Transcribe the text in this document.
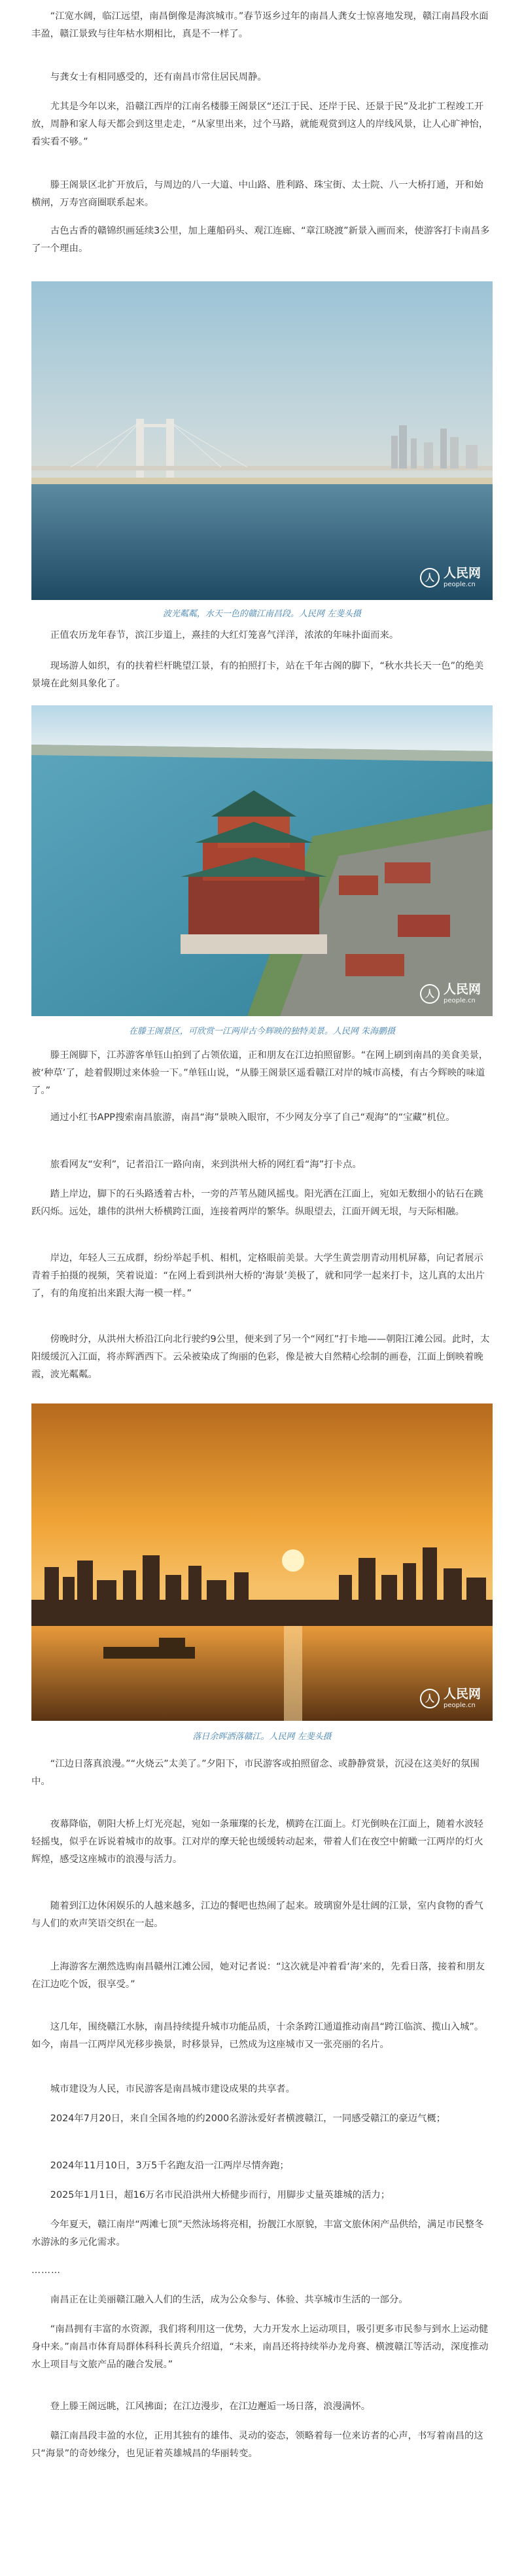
“江宽水阔，临江远望，南昌倒像是海滨城市。”春节返乡过年的南昌人龚女士惊喜地发现，赣江南昌段水面丰盈，赣江景致与往年枯水期相比，真是不一样了。

与龚女士有相同感受的，还有南昌市常住居民周静。

尤其是今年以来，沿赣江西岸的江南名楼滕王阁景区“还江于民、还岸于民、还景于民”及北扩工程竣工开放，周静和家人每天都会到这里走走，“从家里出来，过个马路，就能观赏到这人的岸线风景，让人心旷神怡，看实看不够。”

滕王阁景区北扩开放后，与周边的八一大道、中山路、胜利路、珠宝街、太士院、八一大桥打通，开和始横闸，万寿宫商圈联系起来。

古色古香的赣锦织画延续3公里，加上蓮船码头、观江连廊、“章江晓渡”新景入画而来，使游客打卡南昌多了一个理由。

人 人民网
people.cn
波光粼粼，水天一色的赣江南昌段。人民网 左斐头摄

正值农历龙年春节，滨江步道上，熹挂的大红灯笼喜气洋洋，浓浓的年味扑面而来。

现场游人如织，有的扶着栏杆眺望江景，有的拍照打卡，站在千年古阁的脚下，“秋水共长天一色”的绝美景境在此刻具象化了。

人 人民网
people.cn
在滕王阁景区，可欣赏一江两岸古今辉映的独特美景。人民网 朱海鹏摄

滕王阁脚下，江苏游客单钰山拍到了占领依道，正和朋友在江边拍照留影。“在网上刷到南昌的美食美景，被‘种草’了，趁着假期过来体验一下。”单钰山说，“从滕王阁景区遥看赣江对岸的城市高楼，有古今辉映的味道了。”

通过小红书APP搜索南昌旅游，南昌“海”景映入眼帘，不少网友分享了自己“观海”的“宝藏”机位。

旅看网友“安利”，记者沿江一路向南，来到洪州大桥的网红看“海”打卡点。

踏上岸边，脚下的石头路透着古朴，一旁的芦苇丛随风摇曳。阳光洒在江面上，宛如无数细小的钻石在跳跃闪烁。远处，雄伟的洪州大桥横跨江面，连接着两岸的繁华。纵眼望去，江面开阔无垠，与天际相融。

岸边，年轻人三五成群，纷纷举起手机、相机，定格眼前美景。大学生黄尝朋青动用机屏幕，向记者展示青着手拍摄的视频，笑着说道：“在网上看到洪州大桥的‘海景’美极了，就和同学一起来打卡，这儿真的太出片了，有的角度拍出来跟大海一模一样。”

傍晚时分，从洪州大桥沿江向北行驶约9公里，便来到了另一个“网红”打卡地——朝阳江滩公园。此时，太阳缓缓沉入江面，将赤辉洒西下。云朵被染成了绚丽的色彩，像是被大自然精心绘制的画卷，江面上倒映着晚霞，波光粼粼。

人 人民网
people.cn
落日余晖洒落赣江。人民网 左斐头摄

“江边日落真浪漫。”“火烧云”太美了。”夕阳下，市民游客或拍照留念、或静静赏景，沉浸在这美好的氛围中。

夜幕降临，朝阳大桥上灯光亮起，宛如一条璀璨的长龙，横跨在江面上。灯光倒映在江面上，随着水波轻轻摇曳，似乎在诉说着城市的故事。江对岸的摩天轮也缓缓转动起来，带着人们在夜空中俯瞰一江两岸的灯火辉煌，感受这座城市的浪漫与活力。

随着到江边休闲娱乐的人越来越多，江边的餐吧也热闹了起来。玻璃窗外是壮阔的江景，室内食物的香气与人们的欢声笑语交织在一起。

上海游客左潮然选购南昌赣州江滩公园，她对记者说：“这次就是冲着看‘海’来的，先看日落，接着和朋友在江边吃个饭，很享受。”

这几年，围绕赣江水脉，南昌持续提升城市功能品质，十余条跨江通道推动南昌“跨江临滨、揽山入城”。如今，南昌一江两岸风光移步换景，时移景异，已然成为这座城市又一张亮丽的名片。

城市建设为人民，市民游客是南昌城市建设成果的共享者。

2024年7月20日，来自全国各地的约2000名游泳爱好者横渡赣江，一同感受赣江的豪迈气概；

2024年11月10日，3万5千名跑友沿一江两岸尽情奔跑；

2025年1月1日，超16万名市民沿洪州大桥健步而行，用脚步丈量英雄城的活力；

今年夏天，赣江南岸“两滩七顶”天然泳场将亮相，扮靓江水原貌，丰富文旅休闲产品供给，满足市民整冬水游泳的多元化需求。

………

南昌正在让美丽赣江融入人们的生活，成为公众参与、体验、共享城市生活的一部分。

“南昌拥有丰富的水资源，我们将利用这一优势，大力开发水上运动项目，吸引更多市民参与到水上运动健身中来。”南昌市体育局群体科科长黄兵介绍道，“未来，南昌还将持续举办龙舟赛、横渡赣江等活动，深度推动水上项目与文旅产品的融合发展。”

登上滕王阁远眺，江风拂面；在江边漫步，在江边邂逅一场日落，浪漫满怀。

赣江南昌段丰盈的水位，正用其独有的雄伟、灵动的姿态，领略着每一位来访者的心声，书写着南昌的这只“海景”的奇妙缘分，也见证着英雄城昌的华丽转变。
